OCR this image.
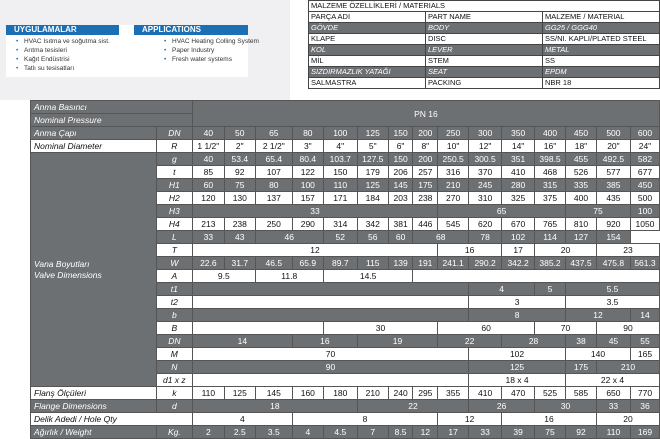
UYGULAMALAR	APPLICATIONS
• HVAC Isıtma ve soğutma sist.
• Arıtma tesisleri
• Kağıt Endüstrisi
• Tatlı su tesisatları
• HVAC Heating Colling System
• Paper Industry
• Fresh water systems
MALZEME ÖZELLİKLERİ / MATERIALS		
PARÇA ADI	PART NAME	MALZEME / MATERIAL
GÖVDE	BODY	GG25 / GGG40
KLAPE	DISC	SS/NI. KAPLI/PLATED STEEL
KOL	LEVER	METAL
MİL	STEM	SS
SIZDIRMAZLIK YATAĞI	SEAT	EPDM
SALMASTRA	PACKING	NBR 18
Anma Basıncı		PN 16														
Nominal Pressure																
Anma Çapı	DN	40	50	65	80	100	125	150	200	250	300	350	400	450	500	600
Nominal Diameter	R	1 1/2"	2"	2 1/2"	3"	4"	5"	6"	8"	10"	12"	14"	16"	18"	20"	24"

Vana Boyutları
Valve Dimensions	g	40	53.4	65.4	80.4	103.7	127.5	150	200	250.5	300.5	351	398.5	455	492.5	582
	t	85	92	107	122	150	179	206	257	316	370	410	468	526	577	677
	H1	60	75	80	100	110	125	145	175	210	245	280	315	335	385	450
	H2	120	130	137	157	171	184	203	238	270	310	325	375	400	435	500
	H3	33								65				75		100
	H4	213	238	250	290	314	342	381	446	545	620	670	765	810	920	1050
	L	33	43	46		52	56	60	68		78	102	114	127	154	
	T	12								16		17	20		23	
	W	22.6	31.7	46.5	65.9	89.7	115	139	191	241.1	290.2	342.2	385.2	437.5	475.8	561.3
	A	9.5		11.8		14.5										
	t1										4		5	5.5		
	t2										3			3.5		
	b										8			12		14
	B					30				60			70		90	
	DN	14			16		19			22		28		38	45	55
	M	70									102			140		165
	N	90									125			175	210	
	d1 x z										18 x 4			22 x 4		
Flanş Ölçüleri	k	110	125	145	160	180	210	240	295	355	410	470	525	585	650	770
Flange Dimensions	d	18					22				26		30		33	36
Delik Adedi / Hole Qty		4			8					12		16			20	
Ağırlık / Weight	Kg.	2	2.5	3.5	4	4.5	7	8.5	12	17	33	39	75	92	110	169
